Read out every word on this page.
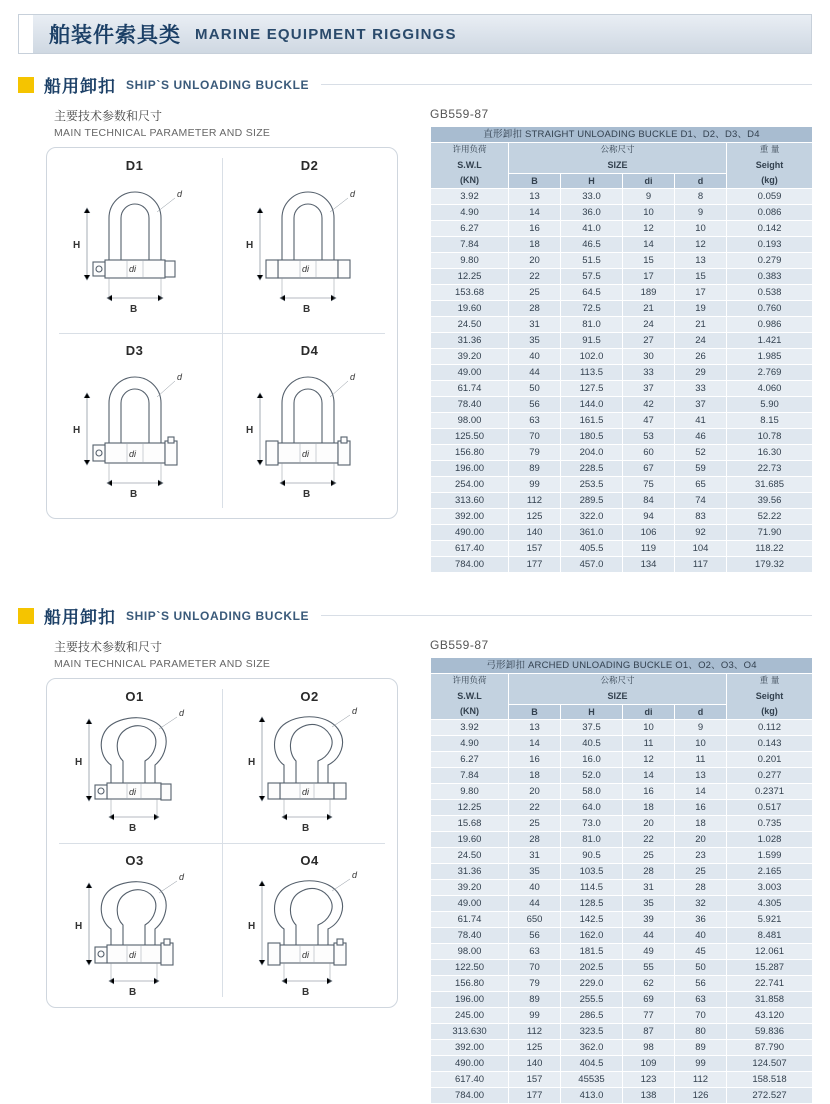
舶装件索具类 MARINE EQUIPMENT RIGGINGS
船用卸扣 SHIP`S UNLOADING BUCKLE
主要技术参数和尺寸
MAIN TECHNICAL PARAMETER AND SIZE
D1
d
di
H
B
D2
d
di
H
B
D3
d
di
H
B
D4
d
di
H
B
GB559-87
直形卸扣 STRAIGHT UNLOADING BUCKLE D1、D2、D3、D4					

许用负荷
S.W.L
(KN)	公称尺寸
SIZE				重 量
Seight
(kg)
	B	H	di	d	
3.92	13	33.0	9	8	0.059
4.90	14	36.0	10	9	0.086
6.27	16	41.0	12	10	0.142
7.84	18	46.5	14	12	0.193
9.80	20	51.5	15	13	0.279
12.25	22	57.5	17	15	0.383
153.68	25	64.5	189	17	0.538
19.60	28	72.5	21	19	0.760
24.50	31	81.0	24	21	0.986
31.36	35	91.5	27	24	1.421
39.20	40	102.0	30	26	1.985
49.00	44	113.5	33	29	2.769
61.74	50	127.5	37	33	4.060
78.40	56	144.0	42	37	5.90
98.00	63	161.5	47	41	8.15
125.50	70	180.5	53	46	10.78
156.80	79	204.0	60	52	16.30
196.00	89	228.5	67	59	22.73
254.00	99	253.5	75	65	31.685
313.60	112	289.5	84	74	39.56
392.00	125	322.0	94	83	52.22
490.00	140	361.0	106	92	71.90
617.40	157	405.5	119	104	118.22
784.00	177	457.0	134	117	179.32
船用卸扣 SHIP`S UNLOADING BUCKLE
主要技术参数和尺寸
MAIN TECHNICAL PARAMETER AND SIZE
O1
d
di
H
B
O2
d
di
H
B
O3
d
di
H
B
O4
d
di
H
B
GB559-87
弓形卸扣 ARCHED UNLOADING BUCKLE O1、O2、O3、O4					

许用负荷
S.W.L
(KN)	公称尺寸
SIZE				重 量
Seight
(kg)
	B	H	di	d	
3.92	13	37.5	10	9	0.112
4.90	14	40.5	11	10	0.143
6.27	16	16.0	12	11	0.201
7.84	18	52.0	14	13	0.277
9.80	20	58.0	16	14	0.2371
12.25	22	64.0	18	16	0.517
15.68	25	73.0	20	18	0.735
19.60	28	81.0	22	20	1.028
24.50	31	90.5	25	23	1.599
31.36	35	103.5	28	25	2.165
39.20	40	114.5	31	28	3.003
49.00	44	128.5	35	32	4.305
61.74	650	142.5	39	36	5.921
78.40	56	162.0	44	40	8.481
98.00	63	181.5	49	45	12.061
122.50	70	202.5	55	50	15.287
156.80	79	229.0	62	56	22.741
196.00	89	255.5	69	63	31.858
245.00	99	286.5	77	70	43.120
313.630	112	323.5	87	80	59.836
392.00	125	362.0	98	89	87.790
490.00	140	404.5	109	99	124.507
617.40	157	45535	123	112	158.518
784.00	177	413.0	138	126	272.527
